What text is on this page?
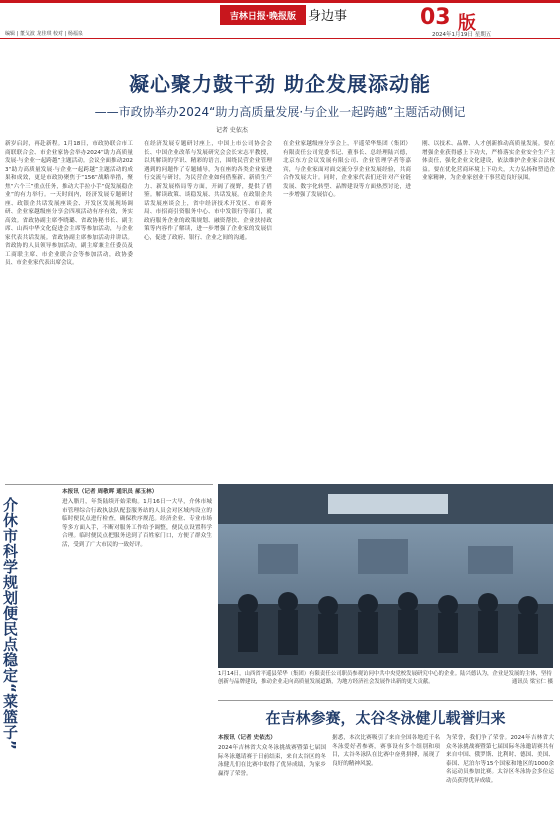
编辑 | 董戈波 龙佳琪 校对 | 杨福泉
吉林日报·晚报版 身边事	03 版
2024年1月19日 星期五
凝心聚力鼓干劲 助企发展添动能
——市政协举办2024“助力高质量发展·与企业一起跨越”主题活动侧记
记者 史依杰
新岁启封，再赴新程。1月18日，市政协联合市工商联联合会、市企业家协会举办2024“助力高质量发展·与企业一起跨越”主题活动。会议全面推动2023“助力高质量发展·与企业一起跨越”主题活动的成果和成效，更是市政协聚焦于“156”战略举措，聚焦“六个三”重点任务，推动大手拉小手“促发展稳企业”的有力举行。一天时间内，经济发展专题研讨座、政银企共话发展座谈会、开发区发展现场调研、企业家越级座分享会四项活动有序有效，务实高效。省政协副主席李晓璐、省政协秘书长、副主席、山西中华文化促进会主席等参加活动，与企业家代表共话发展。省政协副主席参加活动并讲话。省政协的人员领导参加活动，副主席兼主任委员及工商联主席、市企业联合会等参加活动，政协委员、市企业家代表出席会议。
在经济发展专题研讨座上，中国上市公司协会会长、中国企业改革与发展研究会会长宋志平教授，以其解读的学识、精彩的语言，围绕民营企业管理遇到的问题作了专题辅导，为在座的各类企业家进行交流与研讨，为民营企业如何借鉴新、新质生产力、新发展格局等方面，开阔了视野，提供了借鉴。解读政策、谈稳发展、共话发展。在政银企共话发展座谈会上，省中经济技术开发区、市商务局、市招商引资服务中心、市中发银行等部门，就政府服务企业的政策规划、融资帮扶、企业扶持政策等内容作了解读，进一步增强了企业家的发展信心，促进了政府、银行、企业之间的沟通。
在企业家越级座分享会上，平遥荣华集团（集团）有限责任公司党委书记、董事长、总经理陆兴德，北京东方会议发展有限公司、企业管理学者等嘉宾，与企业家面对面交流分享企业发展经验，共商合作发展大计。同时，企业家代表们还针对产业链发展、数字化转型、品牌建设等方面热烈讨论，进一步增强了发展信心。
刚、以技术、品牌、人才创新推动高质量发展。要在增强企业获得感上下功夫，严格落实企业安全生产主体责任，强化企业文化建设，依法维护企业家合法权益。要在优化营商环境上下功夫，大力弘扬和塑造企业家精神，为企业家创业干事营造良好氛围。
介休市科学规划便民点稳定“菜篮子”
本报讯（记者 周敬晖 通讯员 郝玉林）
进入腊月，年货陆续开始采购。1月16日一大早，介休市城市管理综合行政执法队配套服务站的人员会对区域内设立的临时便民点进行检查，确保秩序规范。经济企业、专业市场等多方面入手，不断对服务工作给予调整，便民点设置科学合理。临时便民点把服务送到了百姓家门口，方便了群众生活，受到了广大市民的一致好评。
1月14日，山西省平遥县荣华（集团）有限责任公司职员参观访问中共中央党校发展研究中心的企业。陆兴德认为，企业是发展的主体，坚持创新与品牌建设，推动企业走向高质量发展道路，为地方经济社会发展作出新的更大贡献。	通讯员 梁宝仁 摄
在吉林参赛，太谷冬泳健儿载誉归来
本报讯（记者 史依杰）
2024年吉林省大众冬泳挑战赛暨第七届国际冬泳邀请赛于日前结束，来自太谷区的冬泳健儿们在比赛中取得了优异成绩，为家乡赢得了荣誉。
据悉，本次比赛吸引了来自全国各地近千名冬泳爱好者参赛，赛事设有多个组别和项目，太谷冬泳队在比赛中奋勇拼搏，展现了良好的精神风貌。
为荣誉，我们争了荣誉。2024年吉林省大众冬泳挑战赛暨第七届国际冬泳邀请赛共有来自中国、俄罗斯、比利时、德国、美国、泰国、尼泊尔等15个国家和地区的1000余名运动员参加比赛。太谷区冬泳协会多位运动员获得优异成绩。
